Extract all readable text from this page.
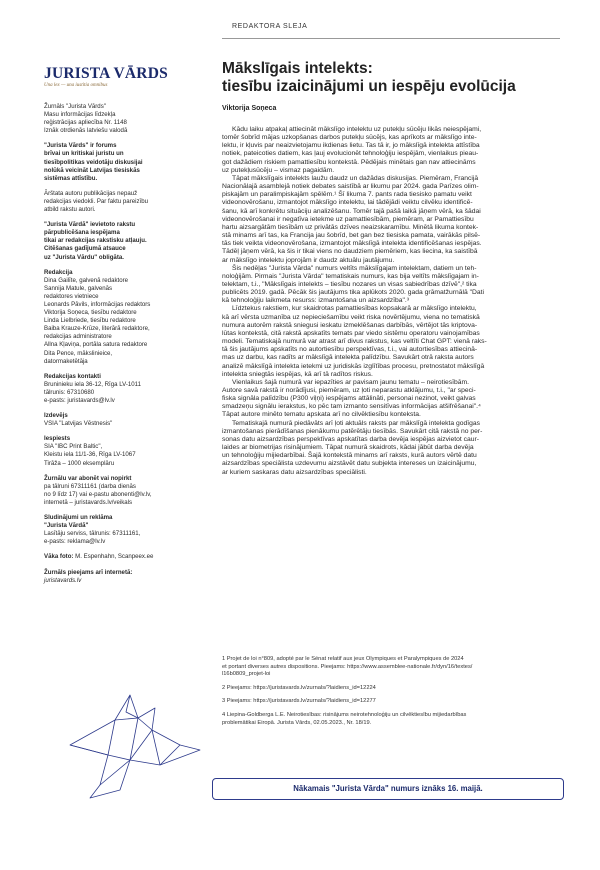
REDAKTORA SLEJA
JURISTA VĀRDS
Una lex — una iustitia omnibus
Žurnāls "Jurista Vārds"
Masu informācijas līdzekļa
reģistrācijas apliecība Nr. 1148
Iznāk otrdienās latviešu valodā
"Jurista Vārds" ir forums
brīvai un kritiskai juristu un
tiesībpolitikas veidotāju diskusijai
nolūkā veicināt Latvijas tiesiskās
sistēmas attīstību.
Ārštata autoru publikācijas nepauž
redakcijas viedokli. Par faktu pareizību
atbild rakstu autori.
"Jurista Vārdā" ievietoto rakstu
pārpublicēšana iespējama
tikai ar redakcijas rakstisku atļauju.
Citēšanas gadījumā atsauce
uz "Jurista Vārdu" obligāta.
Redakcija
Dina Gailīte, galvenā redaktore
Sannija Matule, galvenās
redaktores vietniece
Leonards Pāvils, informācijas redaktors
Viktorija Soņeca, tiesību redaktore
Linda Lielbriede, tiesību redaktore
Baiba Krauze-Krūze, literārā redaktore,
redakcijas administratore
Allna Kļaviņa, portāla satura redaktore
Dita Pence, mākslinieice,
datormaketētāja
Redakcijas kontakti
Bruninieku iela 36-12, Rīga LV-1011
tālrunis: 67310680
e-pasts: juristavards@lv.lv
Izdevējs
VSIA "Latvijas Vēstnesis"
Iespiests
SIA "IBC Print Baltic",
Kleistu iela 11/1-36, Rīga LV-1067
Tirāža – 1000 eksemplāru
Žurnālu var abonēt vai nopirkt
pa tālruni 67311161 (darba dienās
no 9 līdz 17) vai e-pastu abonenti@lv.lv,
internetā – juristavards.lv/veikals
Sludinājumi un reklāma
"Jurista Vārdā"
Lasītāju serviss, tālrunis: 67311161,
e-pasts: reklama@lv.lv
Vāka foto: M. Espenhahn, Scanpeex.ee
Žurnāls pieejams arī internetā:
juristavards.lv
Mākslīgais intelekts:
tiesību izaicinājumi un iespēju evolūcija
Viktorija Soņeca

Kādu laiku atpakaļ attiecināt mākslīgo intelektu uz putekļu sūcēju likās neiespējami,
tomēr šobrīd mājas uzkopšanas darbos putekļu sūcējs, kas aprīkots ar mākslīgo inte-
lektu, ir kļuvis par neaizvietojamu ikdienas lietu. Tas tā ir, jo mākslīgā intelekta attīstība
notiek, pateicoties datiem, kas ļauj evolucionēt tehnoloģiju iespējām, vienlaikus pieau-
got dažādiem riskiem pamattiesību kontekstā. Pēdējais minētais gan nav attiecināms
uz putekļusūcēju – vismaz pagaidām.

Tāpat mākslīgais intelekts laužu daudz un dažādas diskusijas. Piemēram, Francijā
Nacionālajā asamblejā notiek debates saistībā ar likumu par 2024. gada Parīzes olim-
piskajām un paralimpiskajām spēlēm.¹ Šī likuma 7. pants rada tiesisko pamatu veikt
videonovērošanu, izmantojot mākslīgo intelektu, lai tādējādi veiktu cilvēku identificē-
šanu, kā arī konkrētu situāciju analizēšanu. Tomēr tajā pašā laikā jāņem vērā, ka šādai
videonovērošanai ir negatīva ietekme uz pamattiesībām, piemēram, ar Pamattiesību
hartu aizsargātām tiesībām uz privātās dzīves neaizskaramību. Minētā likuma kontek-
stā minams arī tas, ka Francija jau šobrīd, bet gan bez tiesiska pamata, vairākās pilsē-
tās tiek veikta videonovērošana, izmantojot mākslīgā intelekta identificēšanas iespējas.
Tādēļ jāņem vērā, ka šis ir tikai viens no daudziem piemēriem, kas liecina, ka saistībā
ar mākslīgo intelektu joprojām ir daudz aktuālu jautājumu.

Šis nedēļas "Jurista Vārda" numurs veltīts mākslīgajam intelektam, datiem un teh-
noloģijām. Pirmais "Jurista Vārda" tematiskais numurs, kas bija veltīts mākslīgajam in-
telektam, t.i., "Mākslīgais intelekts – tiesību nozares un visas sabiedrības dzīvē",² tika
publicēts 2019. gadā. Pēcāk šis jautājums tika aplūkots 2020. gada grāmatžurnālā "Dati
kā tehnoloģiju laikmeta resurss: izmantošana un aizsardzība".³

Līdztekus rakstiem, kur skaidrotas pamattiesības kopsakarā ar mākslīgo intelektu,
kā arī vērsta uzmanība uz nepieciešamību veikt riska novērtējumu, viena no tematiskā
numura autorēm rakstā sniegusi ieskatu izmeklēšanas darbībās, vērtējot tās kriptova-
lūtas kontekstā, citā rakstā apskatīts temats par viedo sistēmu operatoru vainojamības
modeli. Tematiskajā numurā var atrast arī divus rakstus, kas veltīti Chat GPT: vienā raks-
tā šis jautājums apskatīts no autortiesību perspektīvas, t.i., vai autortiesības attiecinā-
mas uz darbu, kas radīts ar mākslīgā intelekta palīdzību. Savukārt otrā raksta autors
analizē mākslīgā intelekta ietekmi uz juridiskās izglītības procesu, pretnostatot mākslīgā
intelekta sniegtās iespējas, kā arī tā radītos riskus.

Vienlaikus šajā numurā var iepazīties ar pavisam jaunu tematu – neirotiesībām.
Autore savā rakstā ir norādījusi, piemēram, uz ļoti neparastu atklājumu, t.i., "ar speci-
fiska signāla palīdzību (P300 viļņi) iespējams attālināti, personai nezinot, veikt galvas
smadzeņu signālu ierakstus, ko pēc tam izmanto sensitīvas informācijas atšifrēšanai".⁴
Tāpat autore minēto tematu apskata arī no cilvēktiesību konteksta.

Tematiskajā numurā piedāvāts arī ļoti aktuāls raksts par mākslīgā intelekta godīgas
izmantošanas pierādīšanas pienākumu patērētāju tiesībās. Savukārt citā rakstā no per-
sonas datu aizsardzības perspektīvas apskatītas darba devēja iespējas aizvietot caur-
laides ar biometrijas risinājumiem. Tāpat numurā skaidrots, kādai jābūt darba devēja
un tehnoloģiju mijiedarbībai. Šajā kontekstā minams arī raksts, kurā autors vērtē datu
aizsardzības speciālista uzdevumu aizstāvēt datu subjekta intereses un izaicinājumu,
ar kuriem saskaras datu aizsardzības speciālisti.

1 Projet de loi n°809, adopté par le Sénat relatif aux jeux Olympiques et Paralympiques de 2024
et portant diverses autres dispositions. Pieejams: https://www.assemblee-nationale.fr/dyn/16/textes/
l16b0809_projet-loi
2 Pieejams: https://juristavards.lv/zurnals/?laidiens_id=12224
3 Pieejams: https://juristavards.lv/zurnals/?laidiens_id=12277
4 Liepina-Goldberga L.E. Neirotiesības: risinājums neirotehnoloģiju un cilvēktiesību mijiedarbības
problemātikai Eiropā. Jurista Vārds, 02.05.2023., Nr. 18/19.
Nākamais "Jurista Vārda" numurs iznāks 16. maijā.
